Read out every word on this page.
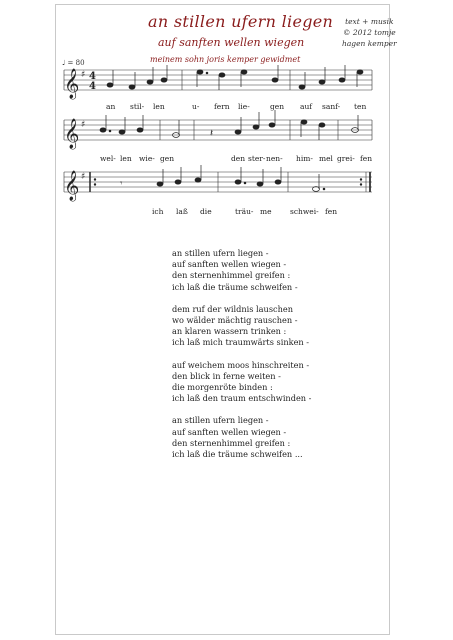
an stillen ufern liegen
auf sanften wellen wiegen
meinem sohn joris kemper gewidmet
text + musik
© 2012 tomje
hagen kemper
♩ = 80
𝄞 ♯ 4
4
𝄞 ♯
𝄽
𝄞 ♯
𝄾
an stil- len	u- fern lie-	gen auf sanf- ten
wel- len wie- gen	den ster- nen- him- mel grei- fen
ich laß die	träu- me schwei- fen
an stillen ufern liegen -
auf sanften wellen wiegen -
den sternenhimmel greifen :
ich laß die träume schweifen -
dem ruf der wildnis lauschen
wo wälder mächtig rauschen -
an klaren wassern trinken :
ich laß mich traumwärts sinken -
auf weichem moos hinschreiten -
den blick in ferne weiten -
die morgenröte binden :
ich laß den traum entschwinden -
an stillen ufern liegen -
auf sanften wellen wiegen -
den sternenhimmel greifen :
ich laß die träume schweifen ...
